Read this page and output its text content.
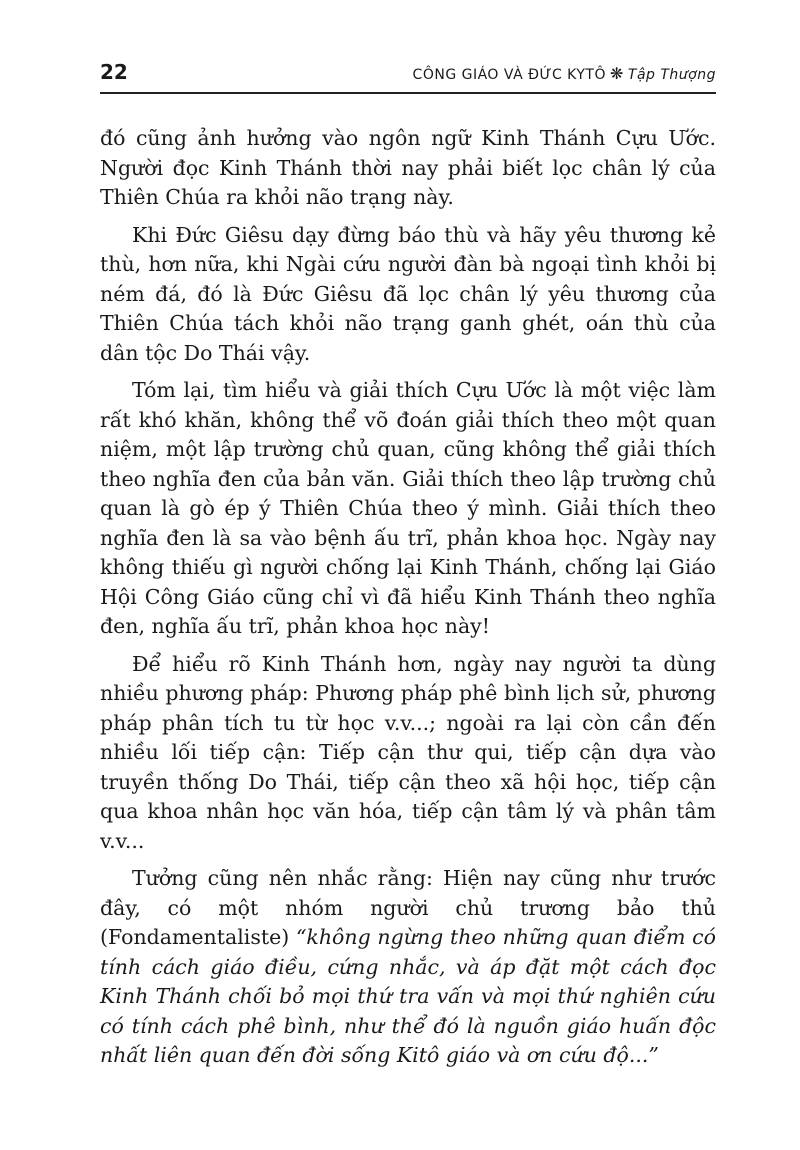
22	CÔNG GIÁO VÀ ĐỨC KYTÔ ❋ Tập Thượng

đó cũng ảnh hưởng vào ngôn ngữ Kinh Thánh Cựu Ước. Người đọc Kinh Thánh thời nay phải biết lọc chân lý của Thiên Chúa ra khỏi não trạng này.

Khi Đức Giêsu dạy đừng báo thù và hãy yêu thương kẻ thù, hơn nữa, khi Ngài cứu người đàn bà ngoại tình khỏi bị ném đá, đó là Đức Giêsu đã lọc chân lý yêu thương của Thiên Chúa tách khỏi não trạng ganh ghét, oán thù của dân tộc Do Thái vậy.

Tóm lại, tìm hiểu và giải thích Cựu Ước là một việc làm rất khó khăn, không thể võ đoán giải thích theo một quan niệm, một lập trường chủ quan, cũng không thể giải thích theo nghĩa đen của bản văn. Giải thích theo lập trường chủ quan là gò ép ý Thiên Chúa theo ý mình. Giải thích theo nghĩa đen là sa vào bệnh ấu trĩ, phản khoa học. Ngày nay không thiếu gì người chống lại Kinh Thánh, chống lại Giáo Hội Công Giáo cũng chỉ vì đã hiểu Kinh Thánh theo nghĩa đen, nghĩa ấu trĩ, phản khoa học này!

Để hiểu rõ Kinh Thánh hơn, ngày nay người ta dùng nhiều phương pháp: Phương pháp phê bình lịch sử, phương pháp phân tích tu từ học v.v...; ngoài ra lại còn cần đến nhiều lối tiếp cận: Tiếp cận thư qui, tiếp cận dựa vào truyền thống Do Thái, tiếp cận theo xã hội học, tiếp cận qua khoa nhân học văn hóa, tiếp cận tâm lý và phân tâm v.v...

Tưởng cũng nên nhắc rằng: Hiện nay cũng như trước đây, có một nhóm người chủ trương bảo thủ (Fondamentaliste) “không ngừng theo những quan điểm có tính cách giáo điều, cứng nhắc, và áp đặt một cách đọc Kinh Thánh chối bỏ mọi thứ tra vấn và mọi thứ nghiên cứu có tính cách phê bình, như thể đó là nguồn giáo huấn độc nhất liên quan đến đời sống Kitô giáo và ơn cứu độ...”
